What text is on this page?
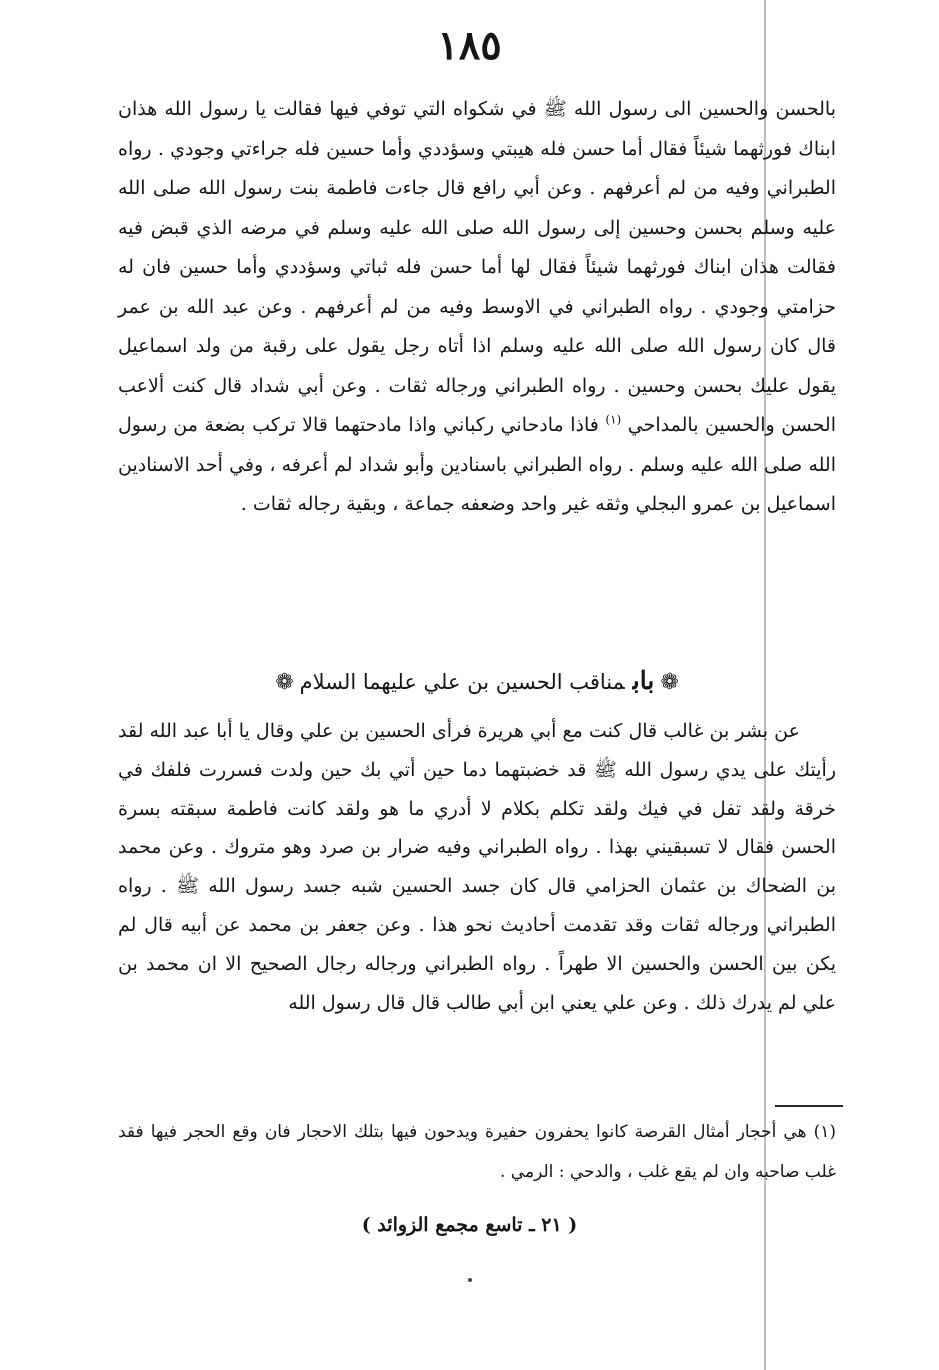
١٨٥

بالحسن والحسين الى رسول الله ﷺ في شكواه التي توفي فيها فقالت يا رسول الله هذان ابناك فورثهما شيئاً فقال أما حسن فله هيبتي وسؤددي وأما حسين فله جراءتي وجودي . رواه الطبراني وفيه من لم أعرفهم . وعن أبي رافع قال جاءت فاطمة بنت رسول الله صلى الله عليه وسلم بحسن وحسين إلى رسول الله صلى الله عليه وسلم في مرضه الذي قبض فيه فقالت هذان ابناك فورثهما شيئاً فقال لها أما حسن فله ثباتي وسؤددي وأما حسين فان له حزامتي وجودي . رواه الطبراني في الاوسط وفيه من لم أعرفهم . وعن عبد الله بن عمر قال كان رسول الله صلى الله عليه وسلم اذا أتاه رجل يقول على رقبة من ولد اسماعيل يقول عليك بحسن وحسين . رواه الطبراني ورجاله ثقات . وعن أبي شداد قال كنت ألاعب الحسن والحسين بالمداحي $^{(١)}$ فاذا مادحاني ركباني واذا مادحتهما قالا تركب بضعة من رسول الله صلى الله عليه وسلم . رواه الطبراني باسنادين وأبو شداد لم أعرفه ، وفي أحد الاسنادين اسماعيل بن عمرو البجلي وثقه غير واحد وضعفه جماعة ، وبقية رجاله ثقات .

❁بابمناقب الحسين بن علي عليهما السلام❁

عن بشر بن غالب قال كنت مع أبي هريرة فرأى الحسين بن علي وقال يا أبا عبد الله لقد رأيتك على يدي رسول الله ﷺ قد خضبتهما دما حين أتي بك حين ولدت فسررت فلفك في خرقة ولقد تفل في فيك ولقد تكلم بكلام لا أدري ما هو ولقد كانت فاطمة سبقته بسرة الحسن فقال لا تسبقيني بهذا . رواه الطبراني وفيه ضرار بن صرد وهو متروك . وعن محمد بن الضحاك بن عثمان الحزامي قال كان جسد الحسين شبه جسد رسول الله ﷺ . رواه الطبراني ورجاله ثقات وقد تقدمت أحاديث نحو هذا . وعن جعفر بن محمد عن أبيه قال لم يكن بين الحسن والحسين الا طهراً . رواه الطبراني ورجاله رجال الصحيح الا ان محمد بن علي لم يدرك ذلك . وعن علي يعني ابن أبي طالب قال قال رسول الله

(١) هي أحجار أمثال القرصة كانوا يحفرون حفيرة ويدحون فيها بتلك الاحجار فان وقع الحجر فيها فقد غلب صاحبه وان لم يقع غلب ، والدحي : الرمي .

( ٢١ ـ تاسع مجمع الزوائد )
